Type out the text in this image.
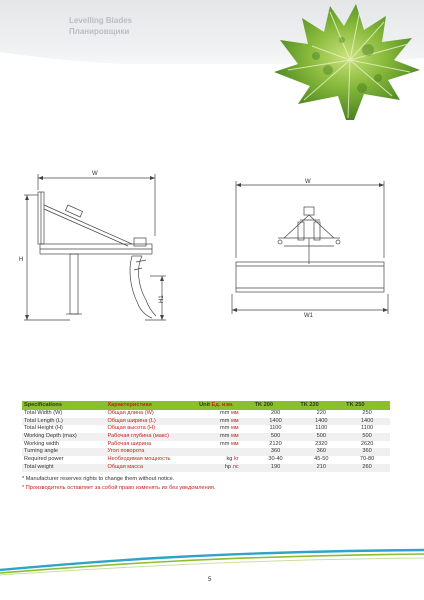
Levelling Blades
Планировщики
W
H
H1
W
W1
Specifications	Характеристики	Unit Ед. изм.	TK 200	TK 220	TK 250
Total Width (W)	Общая длина (W)	mm мм	200	220	250
Total Length (L)	Общая ширина (L)	mm мм	1400	1400	1400
Total Height (H)	Общая высота (H)	mm мм	1100	1100	1100
Working Depth (max)	Рабочая глубина (макс)	mm мм	500	500	500
Working width	Рабочая ширина	mm мм	2120	2320	2620
Turning angle	Угол поворота		360	360	360
Required power	Необходимая мощность	kg kr	30-40	45-50	70-80
Total weight	Общая масса	hp лс	190	210	260
* Manufacturer reserves rights to change them without notice.
* Производитель оставляет за собой право изменять их без уведомления.
5
